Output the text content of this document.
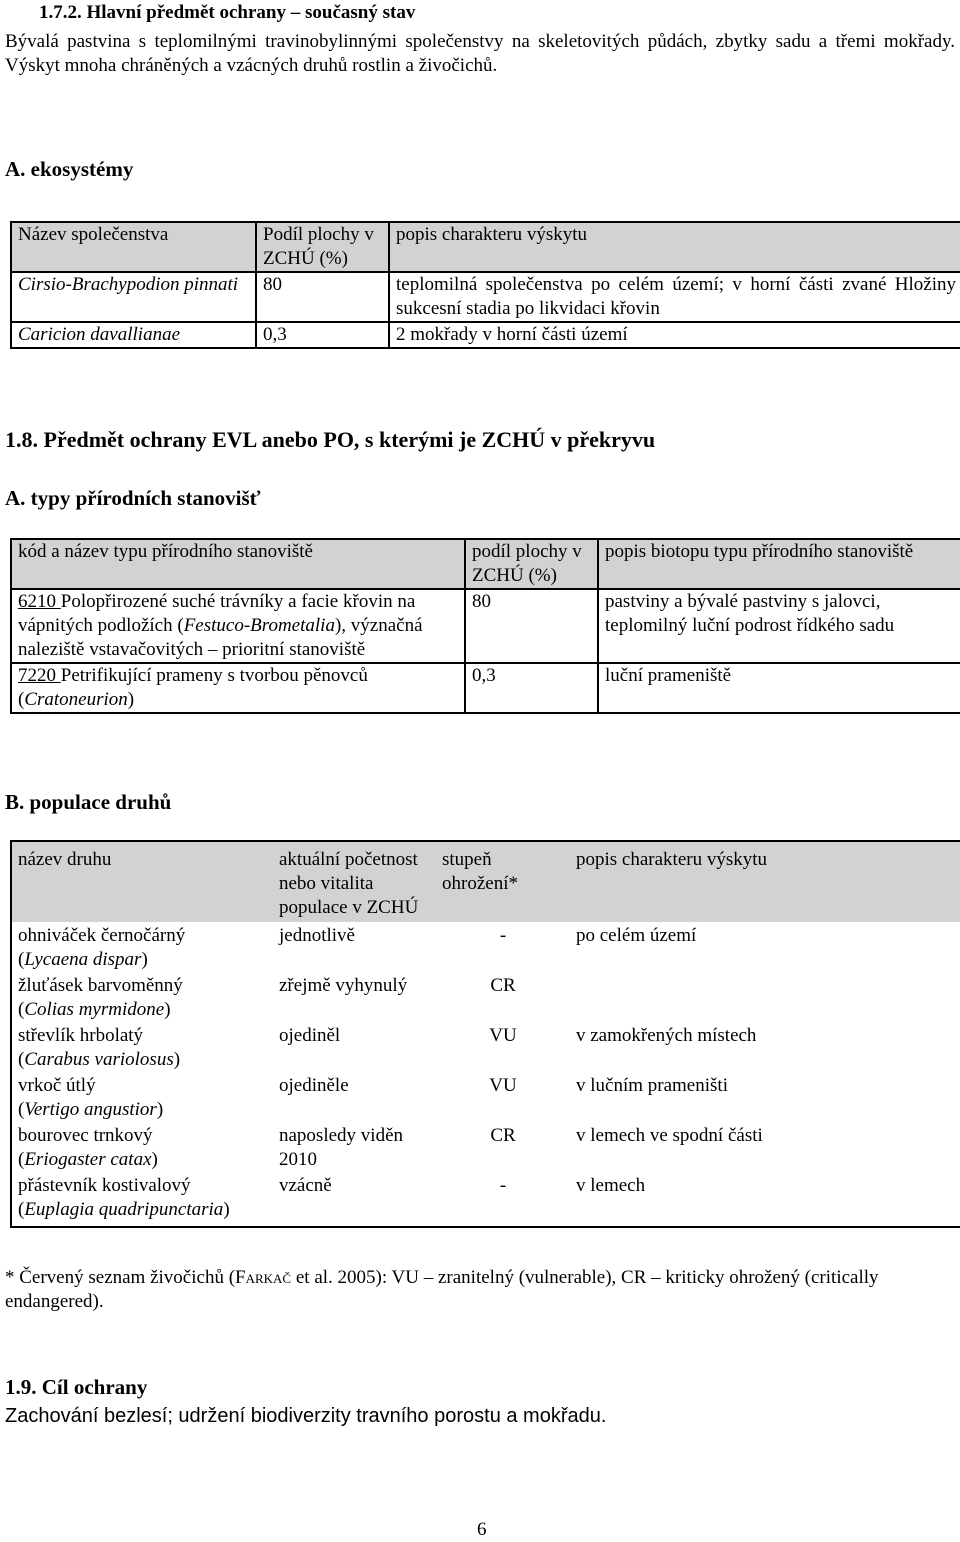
1.7.2. Hlavní předmět ochrany – současný stav
Bývalá pastvina s teplomilnými travinobylinnými společenstvy na skeletovitých půdách, zbytky sadu a třemi mokřady. Výskyt mnoha chráněných a vzácných druhů rostlin a živočichů.
A. ekosystémy
Název společenstva	Podíl plochy v ZCHÚ (%)	popis charakteru výskytu
Cirsio-Brachypodion pinnati	80	teplomilná společenstva po celém území; v horní části zvané Hložiny sukcesní stadia po likvidaci křovin
Caricion davallianae	0,3	2 mokřady v horní části území
1.8. Předmět ochrany EVL anebo PO, s kterými je ZCHÚ v překryvu
A. typy přírodních stanovišť
kód a název typu přírodního stanoviště	podíl plochy v ZCHÚ (%)	popis biotopu typu přírodního stanoviště
6210 Polopřirozené suché trávníky a facie křovin na vápnitých podložích (Festuco-Brometalia), význačná naleziště vstavačovitých – prioritní stanoviště	80	pastviny a bývalé pastviny s jalovci, teplomilný luční podrost řídkého sadu
7220 Petrifikující prameny s tvorbou pěnovců (Cratoneurion)	0,3	luční prameniště
B. populace druhů
název druhu	aktuální početnost nebo vitalita populace v ZCHÚ	stupeň ohrožení*	popis charakteru výskytu
ohniváček černočárný
(Lycaena dispar)	jednotlivě	-	po celém území
žluťásek barvoměnný
(Colias myrmidone)	zřejmě vyhynulý	CR	
střevlík hrbolatý
(Carabus variolosus)	ojediněl	VU	v zamokřených místech
vrkoč útlý
(Vertigo angustior)	ojediněle	VU	v lučním prameništi
bourovec trnkový
(Eriogaster catax)	naposledy viděn 2010	CR	v lemech ve spodní části
přástevník kostivalový
(Euplagia quadripunctaria)	vzácně	-	v lemech
* Červený seznam živočichů (Farkač et al. 2005): VU – zranitelný (vulnerable), CR – kriticky ohrožený (critically endangered).
1.9. Cíl ochrany
Zachování bezlesí; udržení biodiverzity travního porostu a mokřadu.
6
